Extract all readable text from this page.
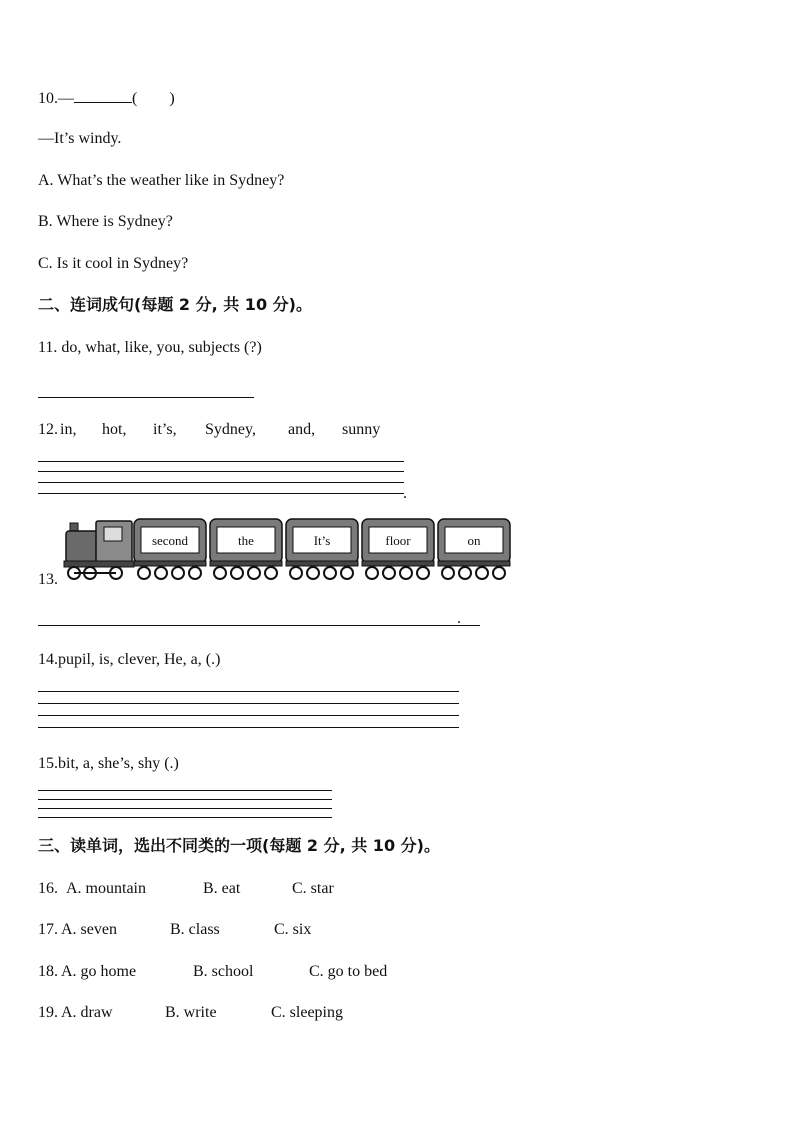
10.—	(　　)
—It’s windy.
A. What’s the weather like in Sydney?
B. Where is Sydney?
C. Is it cool in Sydney?
二、连词成句(每题 2 分, 共 10 分)。
11. do, what, like, you, subjects (?)
12. in, hot, it’s, Sydney, and, sunny
.
13.
second	the	It’s	floor	on
.
14.pupil, is, clever, He, a, (.)
15.bit, a, she’s, shy (.)
三、读单词，选出不同类的一项(每题 2 分, 共 10 分)。
16. A. mountain	B. eat	C. star
17. A. seven	B. class	C. six
18. A. go home	B. school	C. go to bed
19. A. draw	B. write	C. sleeping
